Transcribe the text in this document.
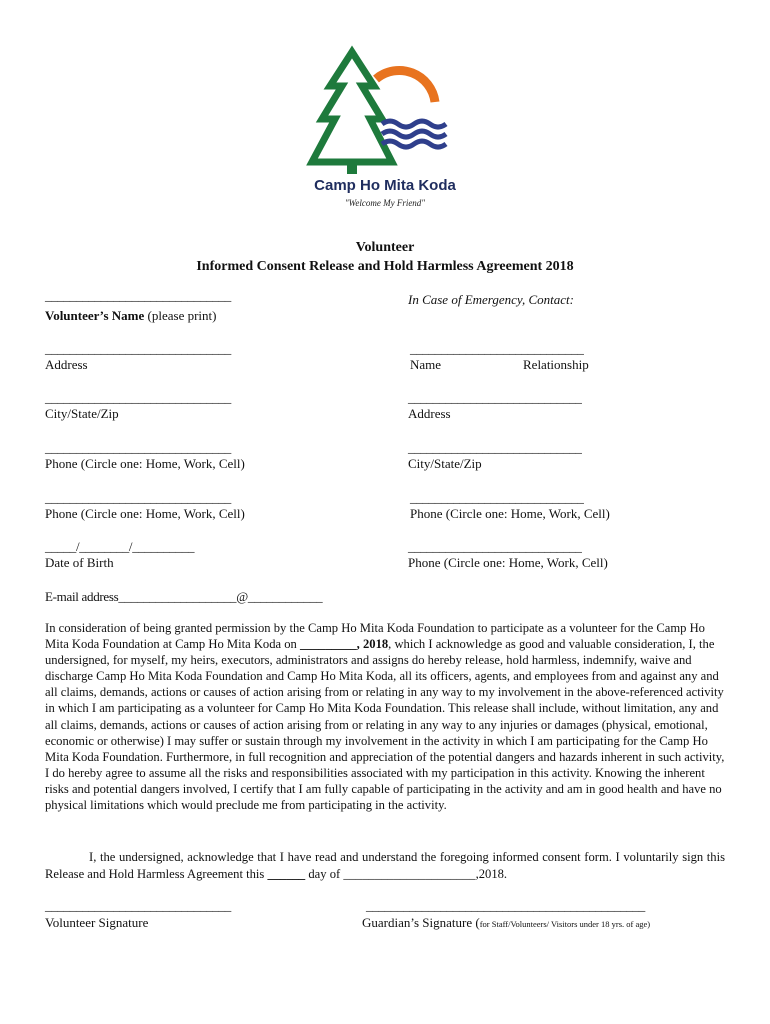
Camp Ho Mita Koda
"Welcome My Friend"
Volunteer
Informed Consent Release and Hold Harmless Agreement 2018
______________________________
Volunteer’s Name (please print)
______________________________
Address
______________________________
City/State/Zip
______________________________
Phone (Circle one: Home, Work, Cell)
______________________________
Phone (Circle one: Home, Work, Cell)
_____/________/__________
Date of Birth
E-mail address___________________@____________
In Case of Emergency, Contact:
____________________________
Name	Relationship
____________________________
Address
____________________________
City/State/Zip
____________________________
Phone (Circle one: Home, Work, Cell)
____________________________
Phone (Circle one: Home, Work, Cell)
In consideration of being granted permission by the Camp Ho Mita Koda Foundation to participate as a volunteer for the Camp Ho Mita Koda Foundation at Camp Ho Mita Koda on _________, 2018, which I acknowledge as good and valuable consideration, I, the undersigned, for myself, my heirs, executors, administrators and assigns do hereby release, hold harmless, indemnify, waive and discharge Camp Ho Mita Koda Foundation and Camp Ho Mita Koda, all its officers, agents, and employees from and against any and all claims, demands, actions or causes of action arising from or relating in any way to my involvement in the above-referenced activity in which I am participating as a volunteer for Camp Ho Mita Koda Foundation. This release shall include, without limitation, any and all claims, demands, actions or causes of action arising from or relating in any way to any injuries or damages (physical, emotional, economic or otherwise) I may suffer or sustain through my involvement in the activity in which I am participating for the Camp Ho Mita Koda Foundation. Furthermore, in full recognition and appreciation of the potential dangers and hazards inherent in such activity, I do hereby agree to assume all the risks and responsibilities associated with my participation in this activity. Knowing the inherent risks and potential dangers involved, I certify that I am fully capable of participating in the activity and am in good health and have no physical limitations which would preclude me from participating in the activity.
I, the undersigned, acknowledge that I have read and understand the foregoing informed consent form. I voluntarily sign this Release and Hold Harmless Agreement this ______ day of _____________________,2018.
______________________________
Volunteer Signature
_____________________________________________
Guardian’s Signature (for Staff/Volunteers/ Visitors under 18 yrs. of age)
